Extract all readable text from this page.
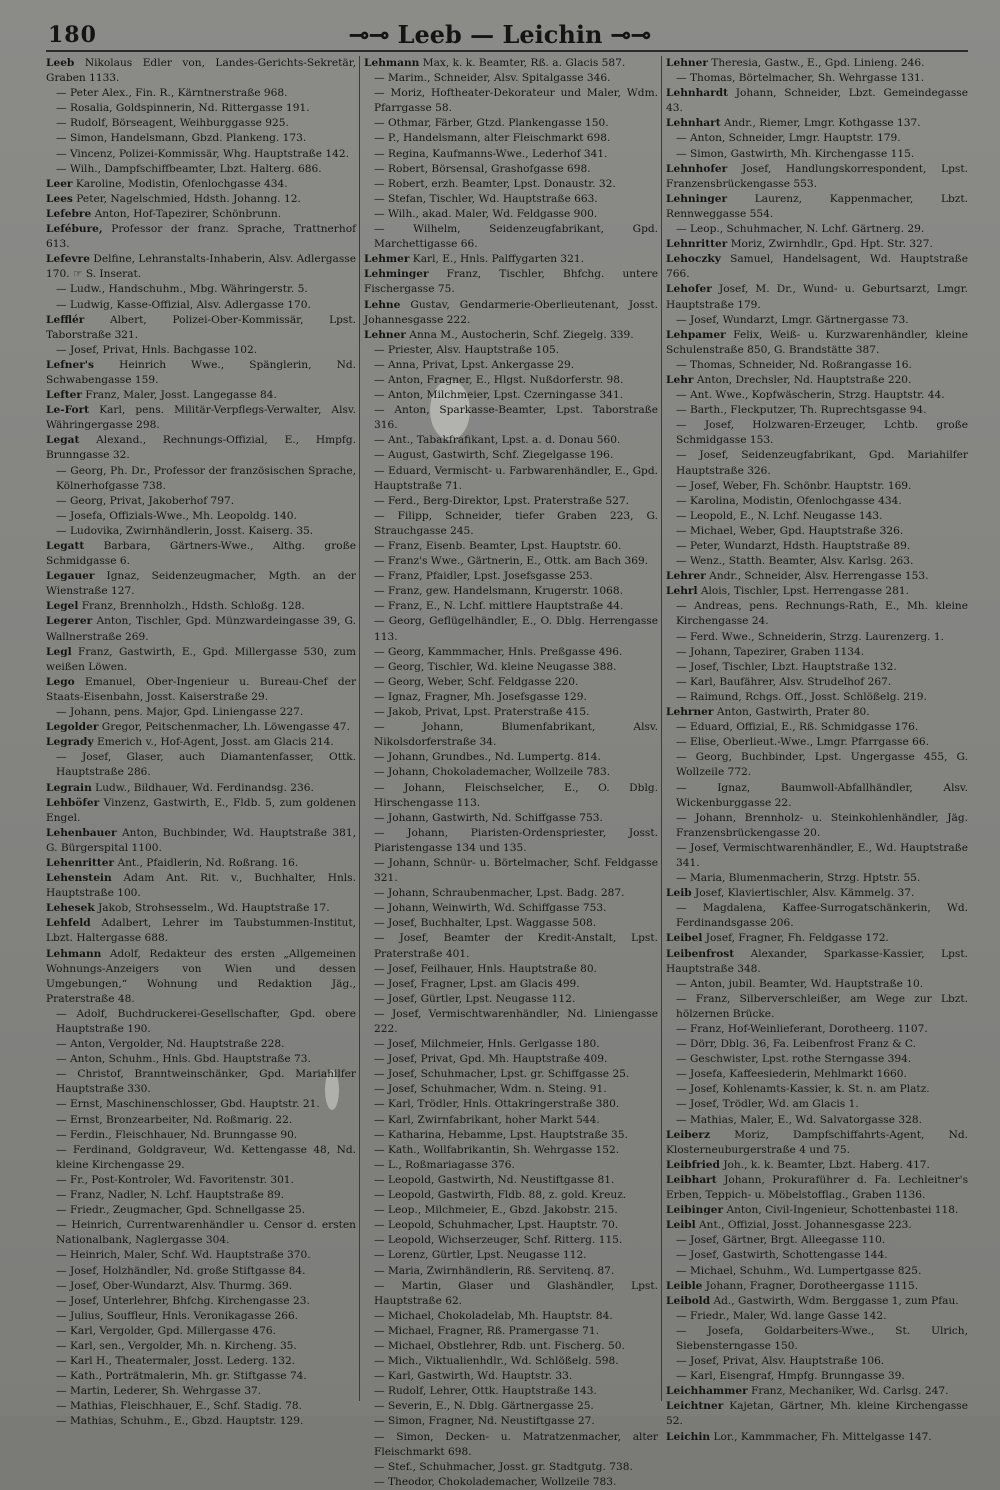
180	⊸⊸ Leeb — Leichin ⊸⊸

Leeb Nikolaus Edler von, Landes-Gerichts-Sekretär, Graben 1133.

— Peter Alex., Fin. R., Kärntnerstraße 968.

— Rosalia, Goldspinnerin, Nd. Rittergasse 191.

— Rudolf, Börseagent, Weihburggasse 925.

— Simon, Handelsmann, Gbzd. Plankeng. 173.

— Vincenz, Polizei-Kommissär, Whg. Hauptstraße 142.

— Wilh., Dampfschiffbeamter, Lbzt. Halterg. 686.

Leer Karoline, Modistin, Ofenlochgasse 434.

Lees Peter, Nagelschmied, Hdsth. Johanng. 12.

Lefebre Anton, Hof-Tapezirer, Schönbrunn.

Lefébure, Professor der franz. Sprache, Trattnerhof 613.

Lefevre Delfine, Lehranstalts-Inhaberin, Alsv. Adlergasse 170. ☞ S. Inserat.

— Ludw., Handschuhm., Mbg. Währingerstr. 5.

— Ludwig, Kasse-Offizial, Alsv. Adlergasse 170.

Lefflér Albert, Polizei-Ober-Kommissär, Lpst. Taborstraße 321.

— Josef, Privat, Hnls. Bachgasse 102.

Lefner's Heinrich Wwe., Spänglerin, Nd. Schwabengasse 159.

Lefter Franz, Maler, Josst. Langegasse 84.

Le-Fort Karl, pens. Militär-Verpflegs-Verwalter, Alsv. Währingergasse 298.

Legat Alexand., Rechnungs-Offizial, E., Hmpfg. Brunngasse 32.

— Georg, Ph. Dr., Professor der französischen Sprache, Kölnerhofgasse 738.

— Georg, Privat, Jakoberhof 797.

— Josefa, Offizials-Wwe., Mh. Leopoldg. 140.

— Ludovika, Zwirnhändlerin, Josst. Kaiserg. 35.

Legatt Barbara, Gärtners-Wwe., Althg. große Schmidgasse 6.

Legauer Ignaz, Seidenzeugmacher, Mgth. an der Wienstraße 127.

Legel Franz, Brennholzh., Hdsth. Schloßg. 128.

Legerer Anton, Tischler, Gpd. Münzwardeingasse 39, G. Wallnerstraße 269.

Legl Franz, Gastwirth, E., Gpd. Millergasse 530, zum weißen Löwen.

Lego Emanuel, Ober-Ingenieur u. Bureau-Chef der Staats-Eisenbahn, Josst. Kaiserstraße 29.

— Johann, pens. Major, Gpd. Liniengasse 227.

Legolder Gregor, Peitschenmacher, Lh. Löwengasse 47.

Legrady Emerich v., Hof-Agent, Josst. am Glacis 214.

— Josef, Glaser, auch Diamantenfasser, Ottk. Hauptstraße 286.

Legrain Ludw., Bildhauer, Wd. Ferdinandsg. 236.

Lehböfer Vinzenz, Gastwirth, E., Fldb. 5, zum goldenen Engel.

Lehenbauer Anton, Buchbinder, Wd. Hauptstraße 381, G. Bürgerspital 1100.

Lehenritter Ant., Pfaidlerin, Nd. Roßrang. 16.

Lehenstein Adam Ant. Rit. v., Buchhalter, Hnls. Hauptstraße 100.

Lehesek Jakob, Strohsesselm., Wd. Hauptstraße 17.

Lehfeld Adalbert, Lehrer im Taubstummen-Institut, Lbzt. Haltergasse 688.

Lehmann Adolf, Redakteur des ersten „Allgemeinen Wohnungs-Anzeigers von Wien und dessen Umgebungen,“ Wohnung und Redaktion Jäg., Praterstraße 48.

— Adolf, Buchdruckerei-Gesellschafter, Gpd. obere Hauptstraße 190.

— Anton, Vergolder, Nd. Hauptstraße 228.

— Anton, Schuhm., Hnls. Gbd. Hauptstraße 73.

— Christof, Branntweinschänker, Gpd. Mariahilfer Hauptstraße 330.

— Ernst, Maschinenschlosser, Gbd. Hauptstr. 21.

— Ernst, Bronzearbeiter, Nd. Roßmarig. 22.

— Ferdin., Fleischhauer, Nd. Brunngasse 90.

— Ferdinand, Goldgraveur, Wd. Kettengasse 48, Nd. kleine Kirchengasse 29.

— Fr., Post-Kontroler, Wd. Favoritenstr. 301.

— Franz, Nadler, N. Lchf. Hauptstraße 89.

— Friedr., Zeugmacher, Gpd. Schnellgasse 25.

— Heinrich, Currentwarenhändler u. Censor d. ersten Nationalbank, Naglergasse 304.

— Heinrich, Maler, Schf. Wd. Hauptstraße 370.

— Josef, Holzhändler, Nd. große Stiftgasse 84.

— Josef, Ober-Wundarzt, Alsv. Thurmg. 369.

— Josef, Unterlehrer, Bhfchg. Kirchengasse 23.

— Julius, Souffleur, Hnls. Veronikagasse 266.

— Karl, Vergolder, Gpd. Millergasse 476.

— Karl, sen., Vergolder, Mh. n. Kircheng. 35.

— Karl H., Theatermaler, Josst. Lederg. 132.

— Kath., Porträtmalerin, Mh. gr. Stiftgasse 74.

— Martin, Lederer, Sh. Wehrgasse 37.

— Mathias, Fleischhauer, E., Schf. Stadig. 78.

— Mathias, Schuhm., E., Gbzd. Hauptstr. 129.

Lehmann Max, k. k. Beamter, Rß. a. Glacis 587.

— Marim., Schneider, Alsv. Spitalgasse 346.

— Moriz, Hoftheater-Dekorateur und Maler, Wdm. Pfarrgasse 58.

— Othmar, Färber, Gtzd. Plankengasse 150.

— P., Handelsmann, alter Fleischmarkt 698.

— Regina, Kaufmanns-Wwe., Lederhof 341.

— Robert, Börsensal, Grashofgasse 698.

— Robert, erzh. Beamter, Lpst. Donaustr. 32.

— Stefan, Tischler, Wd. Hauptstraße 663.

— Wilh., akad. Maler, Wd. Feldgasse 900.

— Wilhelm, Seidenzeugfabrikant, Gpd. Marchettigasse 66.

Lehmer Karl, E., Hnls. Palffygarten 321.

Lehminger Franz, Tischler, Bhfchg. untere Fischergasse 75.

Lehne Gustav, Gendarmerie-Oberlieutenant, Josst. Johannesgasse 222.

Lehner Anna M., Austocherin, Schf. Ziegelg. 339.

— Priester, Alsv. Hauptstraße 105.

— Anna, Privat, Lpst. Ankergasse 29.

— Anton, Fragner, E., Hlgst. Nußdorferstr. 98.

— Anton, Milchmeier, Lpst. Czerningasse 341.

— Anton, Sparkasse-Beamter, Lpst. Taborstraße 316.

— Ant., Tabakfrafikant, Lpst. a. d. Donau 560.

— August, Gastwirth, Schf. Ziegelgasse 196.

— Eduard, Vermischt- u. Farbwarenhändler, E., Gpd. Hauptstraße 71.

— Ferd., Berg-Direktor, Lpst. Praterstraße 527.

— Filipp, Schneider, tiefer Graben 223, G. Strauchgasse 245.

— Franz, Eisenb. Beamter, Lpst. Hauptstr. 60.

— Franz's Wwe., Gärtnerin, E., Ottk. am Bach 369.

— Franz, Pfaidler, Lpst. Josefsgasse 253.

— Franz, gew. Handelsmann, Krugerstr. 1068.

— Franz, E., N. Lchf. mittlere Hauptstraße 44.

— Georg, Geflügelhändler, E., O. Dblg. Herrengasse 113.

— Georg, Kammmacher, Hnls. Preßgasse 496.

— Georg, Tischler, Wd. kleine Neugasse 388.

— Georg, Weber, Schf. Feldgasse 220.

— Ignaz, Fragner, Mh. Josefsgasse 129.

— Jakob, Privat, Lpst. Praterstraße 415.

— Johann, Blumenfabrikant, Alsv. Nikolsdorferstraße 34.

— Johann, Grundbes., Nd. Lumpertg. 814.

— Johann, Chokolademacher, Wollzeile 783.

— Johann, Fleischselcher, E., O. Dblg. Hirschengasse 113.

— Johann, Gastwirth, Nd. Schiffgasse 753.

— Johann, Piaristen-Ordenspriester, Josst. Piaristengasse 134 und 135.

— Johann, Schnür- u. Börtelmacher, Schf. Feldgasse 321.

— Johann, Schraubenmacher, Lpst. Badg. 287.

— Johann, Weinwirth, Wd. Schiffgasse 753.

— Josef, Buchhalter, Lpst. Waggasse 508.

— Josef, Beamter der Kredit-Anstalt, Lpst. Praterstraße 401.

— Josef, Feilhauer, Hnls. Hauptstraße 80.

— Josef, Fragner, Lpst. am Glacis 499.

— Josef, Gürtler, Lpst. Neugasse 112.

— Josef, Vermischtwarenhändler, Nd. Liniengasse 222.

— Josef, Milchmeier, Hnls. Gerlgasse 180.

— Josef, Privat, Gpd. Mh. Hauptstraße 409.

— Josef, Schuhmacher, Lpst. gr. Schiffgasse 25.

— Josef, Schuhmacher, Wdm. n. Steing. 91.

— Karl, Trödler, Hnls. Ottakringerstraße 380.

— Karl, Zwirnfabrikant, hoher Markt 544.

— Katharina, Hebamme, Lpst. Hauptstraße 35.

— Kath., Wollfabrikantin, Sh. Wehrgasse 152.

— L., Roßmariagasse 376.

— Leopold, Gastwirth, Nd. Neustiftgasse 81.

— Leopold, Gastwirth, Fldb. 88, z. gold. Kreuz.

— Leop., Milchmeier, E., Gbzd. Jakobstr. 215.

— Leopold, Schuhmacher, Lpst. Hauptstr. 70.

— Leopold, Wichserzeuger, Schf. Ritterg. 115.

— Lorenz, Gürtler, Lpst. Neugasse 112.

— Maria, Zwirnhändlerin, Rß. Servitenq. 87.

— Martin, Glaser und Glashändler, Lpst. Hauptstraße 62.

— Michael, Chokoladelab, Mh. Hauptstr. 84.

— Michael, Fragner, Rß. Pramergasse 71.

— Michael, Obstlehrer, Rdb. unt. Fischerg. 50.

— Mich., Viktualienhdlr., Wd. Schlößelg. 598.

— Karl, Gastwirth, Wd. Hauptstr. 33.

— Rudolf, Lehrer, Ottk. Hauptstraße 143.

— Severin, E., N. Dblg. Gärtnergasse 25.

— Simon, Fragner, Nd. Neustiftgasse 27.

— Simon, Decken- u. Matratzenmacher, alter Fleischmarkt 698.

— Stef., Schuhmacher, Josst. gr. Stadtgutg. 738.

— Theodor, Chokolademacher, Wollzeile 783.

Lehner Theresia, Gastw., E., Gpd. Linieng. 246.

— Thomas, Börtelmacher, Sh. Wehrgasse 131.

Lehnhardt Johann, Schneider, Lbzt. Gemeindegasse 43.

Lehnhart Andr., Riemer, Lmgr. Kothgasse 137.

— Anton, Schneider, Lmgr. Hauptstr. 179.

— Simon, Gastwirth, Mh. Kirchengasse 115.

Lehnhofer Josef, Handlungskorrespondent, Lpst. Franzensbrückengasse 553.

Lehninger	Laurenz, Kappenmacher, Lbzt. Rennweggasse 554.

— Leop., Schuhmacher, N. Lchf. Gärtnerg. 29.

Lehnritter Moriz, Zwirnhdlr., Gpd. Hpt. Str. 327.

Lehoczky Samuel, Handelsagent, Wd. Hauptstraße 766.

Lehofer Josef, M. Dr., Wund- u. Geburtsarzt, Lmgr. Hauptstraße 179.

— Josef, Wundarzt, Lmgr. Gärtnergasse 73.

Lehpamer Felix, Weiß- u. Kurzwarenhändler, kleine Schulenstraße 850, G. Brandstätte 387.

— Thomas, Schneider, Nd. Roßrangasse 16.

Lehr Anton, Drechsler, Nd. Hauptstraße 220.

— Ant. Wwe., Kopfwäscherin, Strzg. Hauptstr. 44.

— Barth., Fleckputzer, Th. Ruprechtsgasse 94.

— Josef, Holzwaren-Erzeuger, Lchtb. große Schmidgasse 153.

— Josef, Seidenzeugfabrikant, Gpd. Mariahilfer Hauptstraße 326.

— Josef, Weber, Fh. Schönbr. Hauptstr. 169.

— Karolina, Modistin, Ofenlochgasse 434.

— Leopold, E., N. Lchf. Neugasse 143.

— Michael, Weber, Gpd. Hauptstraße 326.

— Peter, Wundarzt, Hdsth. Hauptstraße 89.

— Wenz., Statth. Beamter, Alsv. Karlsg. 263.

Lehrer Andr., Schneider, Alsv. Herrengasse 153.

Lehrl Alois, Tischler, Lpst. Herrengasse 281.

— Andreas, pens. Rechnungs-Rath, E., Mh. kleine Kirchengasse 24.

— Ferd. Wwe., Schneiderin, Strzg. Laurenzerg. 1.

— Johann, Tapezirer, Graben 1134.

— Josef, Tischler, Lbzt. Hauptstraße 132.

— Karl, Baufährer, Alsv. Strudelhof 267.

— Raimund, Rchgs. Off., Josst. Schlößelg. 219.

Lehrner Anton, Gastwirth, Prater 80.

— Eduard, Offizial, E., Rß. Schmidgasse 176.

— Elise, Oberlieut.-Wwe., Lmgr. Pfarrgasse 66.

— Georg, Buchbinder, Lpst. Ungergasse 455, G. Wollzeile 772.

— Ignaz, Baumwoll-Abfallhändler, Alsv. Wickenburggasse 22.

— Johann, Brennholz- u. Steinkohlenhändler, Jäg. Franzensbrückengasse 20.

— Josef, Vermischtwarenhändler, E., Wd. Hauptstraße 341.

— Maria, Blumenmacherin, Strzg. Hptstr. 55.

Leib Josef, Klaviertischler, Alsv. Kämmelg. 37.

— Magdalena, Kaffee-Surrogatschänkerin, Wd. Ferdinandsgasse 206.

Leibel Josef, Fragner, Fh. Feldgasse 172.

Leibenfrost Alexander, Sparkasse-Kassier, Lpst. Hauptstraße 348.

— Anton, jubil. Beamter, Wd. Hauptstraße 10.

— Franz, Silberverschleißer, am Wege zur Lbzt. hölzernen Brücke.

— Franz, Hof-Weinlieferant, Dorotheerg. 1107.

— Dörr, Dblg. 36, Fa. Leibenfrost Franz & C.

— Geschwister, Lpst. rothe Sterngasse 394.

— Josefa, Kaffeesiederin, Mehlmarkt 1660.

— Josef, Kohlenamts-Kassier, k. St. n. am Platz.

— Josef, Trödler, Wd. am Glacis 1.

— Mathias, Maler, E., Wd. Salvatorgasse 328.

Leiberz Moriz, Dampfschiffahrts-Agent, Nd. Klosterneuburgerstraße 4 und 75.

Leibfried Joh., k. k. Beamter, Lbzt. Haberg. 417.

Leibhart Johann, Prokuraführer d. Fa. Lechleitner's Erben, Teppich- u. Möbelstofflag., Graben 1136.

Leibinger Anton, Civil-Ingenieur, Schottenbastei 118.

Leibl Ant., Offizial, Josst. Johannesgasse 223.

— Josef, Gärtner, Brgt. Alleegasse 110.

— Josef, Gastwirth, Schottengasse 144.

— Michael, Schuhm., Wd. Lumpertgasse 825.

Leible Johann, Fragner, Dorotheergasse 1115.

Leibold Ad., Gastwirth, Wdm. Berggasse 1, zum Pfau.

— Friedr., Maler, Wd. lange Gasse 142.

— Josefa, Goldarbeiters-Wwe., St. Ulrich, Siebensterngasse 150.

— Josef, Privat, Alsv. Hauptstraße 106.

— Karl, Eisengraf, Hmpfg. Brunngasse 39.

Leichhammer Franz, Mechaniker, Wd. Carlsg. 247.

Leichtner Kajetan, Gärtner, Mh. kleine Kirchengasse 52.

Leichin Lor., Kammmacher, Fh. Mittelgasse 147.
